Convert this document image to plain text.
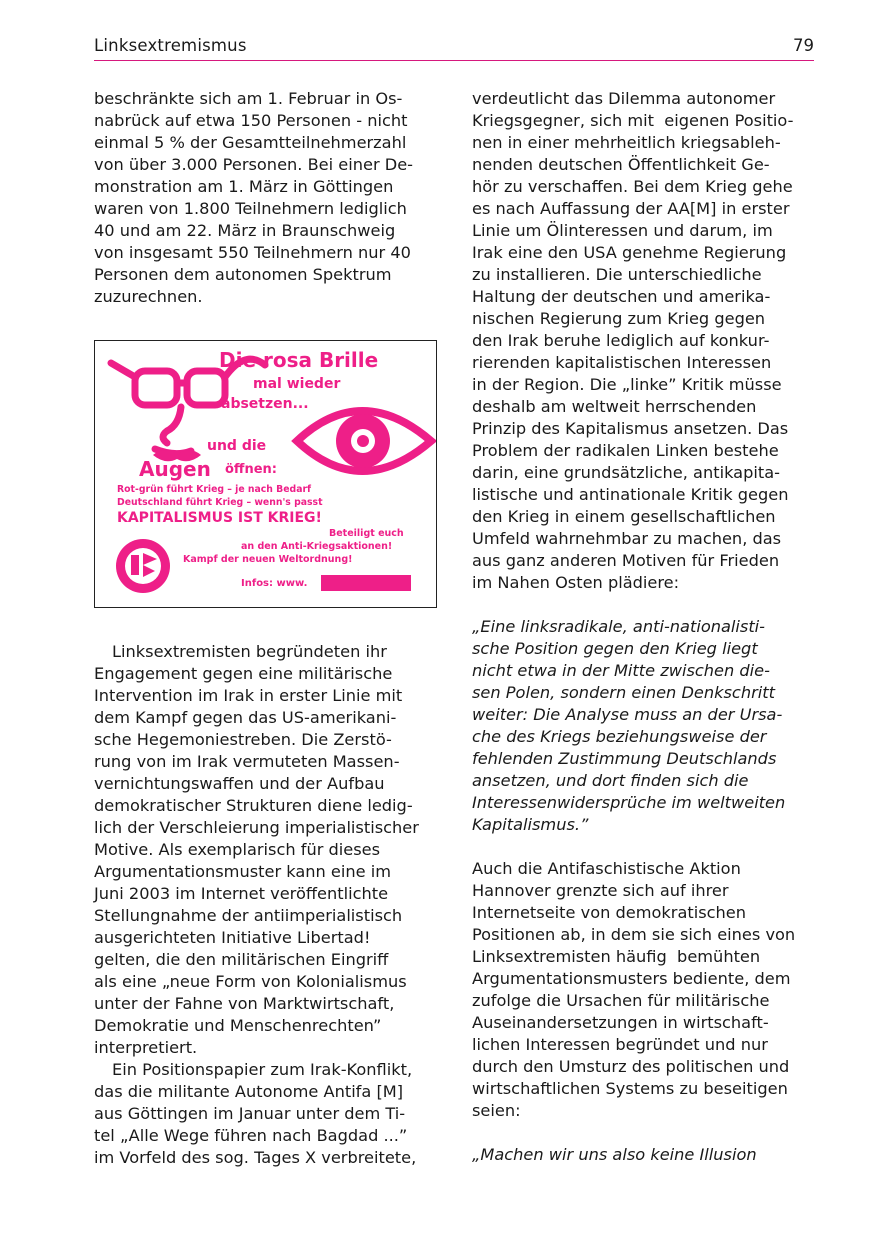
Linksextremismus	79

beschränkte sich am 1. Februar in Os-

nabrück auf etwa 150 Personen - nicht

einmal 5 % der Gesamtteilnehmerzahl

von über 3.000 Personen. Bei einer De-

monstration am 1. März in Göttingen

waren von 1.800 Teilnehmern lediglich

40 und am 22. März in Braunschweig

von insgesamt 550 Teilnehmern nur 40

Personen dem autonomen Spektrum

zuzurechnen.

Die rosa Brille
mal wieder
absetzen...
und die
Augen öffnen:
Rot-grün führt Krieg – je nach Bedarf
Deutschland führt Krieg – wenn's passt
KAPITALISMUS IST KRIEG!
Beteiligt euch
an den Anti-Kriegsaktionen!
Kampf der neuen Weltordnung!
Infos: www.

Linksextremisten begründeten ihr

Engagement gegen eine militärische

Intervention im Irak in erster Linie mit

dem Kampf gegen das US-amerikani-

sche Hegemoniestreben. Die Zerstö-

rung von im Irak vermuteten Massen-

vernichtungswaffen und der Aufbau

demokratischer Strukturen diene ledig-

lich der Verschleierung imperialistischer

Motive. Als exemplarisch für dieses

Argumentationsmuster kann eine im

Juni 2003 im Internet veröffentlichte

Stellungnahme der antiimperialistisch

ausgerichteten Initiative Libertad!

gelten, die den militärischen Eingriff

als eine „neue Form von Kolonialismus

unter der Fahne von Marktwirtschaft,

Demokratie und Menschenrechten”

interpretiert.

Ein Positionspapier zum Irak-Konflikt,

das die militante Autonome Antifa [M]

aus Göttingen im Januar unter dem Ti-

tel „Alle Wege führen nach Bagdad ...”

im Vorfeld des sog. Tages X verbreitete,

verdeutlicht das Dilemma autonomer

Kriegsgegner, sich mit  eigenen Positio-

nen in einer mehrheitlich kriegsableh-

nenden deutschen Öffentlichkeit Ge-

hör zu verschaffen. Bei dem Krieg gehe

es nach Auffassung der AA[M] in erster

Linie um Ölinteressen und darum, im

Irak eine den USA genehme Regierung

zu installieren. Die unterschiedliche

Haltung der deutschen und amerika-

nischen Regierung zum Krieg gegen

den Irak beruhe lediglich auf konkur-

rierenden kapitalistischen Interessen

in der Region. Die „linke” Kritik müsse

deshalb am weltweit herrschenden

Prinzip des Kapitalismus ansetzen. Das

Problem der radikalen Linken bestehe

darin, eine grundsätzliche, antikapita-

listische und antinationale Kritik gegen

den Krieg in einem gesellschaftlichen

Umfeld wahrnehmbar zu machen, das

aus ganz anderen Motiven für Frieden

im Nahen Osten plädiere:

„Eine linksradikale, anti-nationalisti-

sche Position gegen den Krieg liegt

nicht etwa in der Mitte zwischen die-

sen Polen, sondern einen Denkschritt

weiter: Die Analyse muss an der Ursa-

che des Kriegs beziehungsweise der

fehlenden Zustimmung Deutschlands

ansetzen, und dort finden sich die

Interessenwidersprüche im weltweiten

Kapitalismus.”

Auch die Antifaschistische Aktion

Hannover grenzte sich auf ihrer

Internetseite von demokratischen

Positionen ab, in dem sie sich eines von

Linksextremisten häufig  bemühten

Argumentationsmusters bediente, dem

zufolge die Ursachen für militärische

Auseinandersetzungen in wirtschaft-

lichen Interessen begründet und nur

durch den Umsturz des politischen und

wirtschaftlichen Systems zu beseitigen

seien:

„Machen wir uns also keine Illusion
